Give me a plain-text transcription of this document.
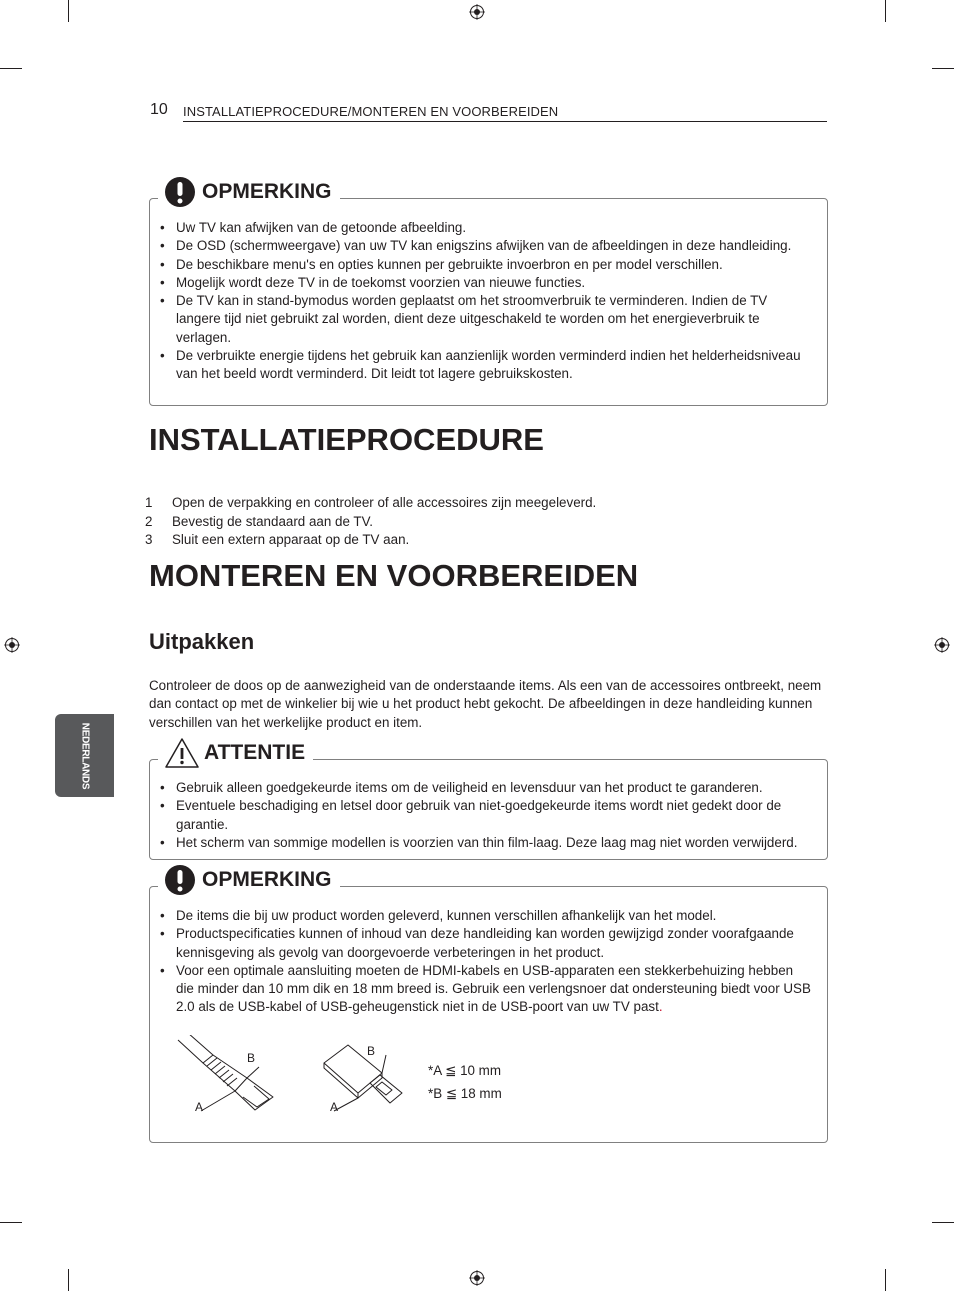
10 INSTALLATIEPROCEDURE/MONTEREN EN VOORBEREIDEN
OPMERKING
• Uw TV kan afwijken van de getoonde afbeelding.
• De OSD (schermweergave) van uw TV kan enigszins afwijken van de afbeeldingen in deze handleiding.
• De beschikbare menu's en opties kunnen per gebruikte invoerbron en per model verschillen.
• Mogelijk wordt deze TV in de toekomst voorzien van nieuwe functies.
• De TV kan in stand-bymodus worden geplaatst om het stroomverbruik te verminderen. Indien de TV langere tijd niet gebruikt zal worden, dient deze uitgeschakeld te worden om het energieverbruik te verlagen.
• De verbruikte energie tijdens het gebruik kan aanzienlijk worden verminderd indien het helderheidsniveau van het beeld wordt verminderd. Dit leidt tot lagere gebruikskosten.
INSTALLATIEPROCEDURE
1	Open de verpakking en controleer of alle accessoires zijn meegeleverd.
2	Bevestig de standaard aan de TV.
3	Sluit een extern apparaat op de TV aan.
MONTEREN EN VOORBEREIDEN
Uitpakken
Controleer de doos op de aanwezigheid van de onderstaande items. Als een van de accessoires ontbreekt, neem dan contact op met de winkelier bij wie u het product hebt gekocht. De afbeeldingen in deze handleiding kunnen verschillen van het werkelijke product en item.
NEDERLANDS	ATTENTIE
• Gebruik alleen goedgekeurde items om de veiligheid en levensduur van het product te garanderen.
• Eventuele beschadiging en letsel door gebruik van niet-goedgekeurde items wordt niet gedekt door de garantie.
• Het scherm van sommige modellen is voorzien van thin film-laag. Deze laag mag niet worden verwijderd.
OPMERKING
• De items die bij uw product worden geleverd, kunnen verschillen afhankelijk van het model.
• Productspecificaties kunnen of inhoud van deze handleiding kan worden gewijzigd zonder voorafgaande kennisgeving als gevolg van doorgevoerde verbeteringen in het product.
• Voor een optimale aansluiting moeten de HDMI-kabels en USB-apparaten een stekkerbehuizing hebben die minder dan 10 mm dik en 18 mm breed is. Gebruik een verlengsnoer dat ondersteuning biedt voor USB 2.0 als de USB-kabel of USB-geheugenstick niet in de USB-poort van uw TV past.
A
B
A
B
*A ≦ 10 mm
*B ≦ 18 mm
